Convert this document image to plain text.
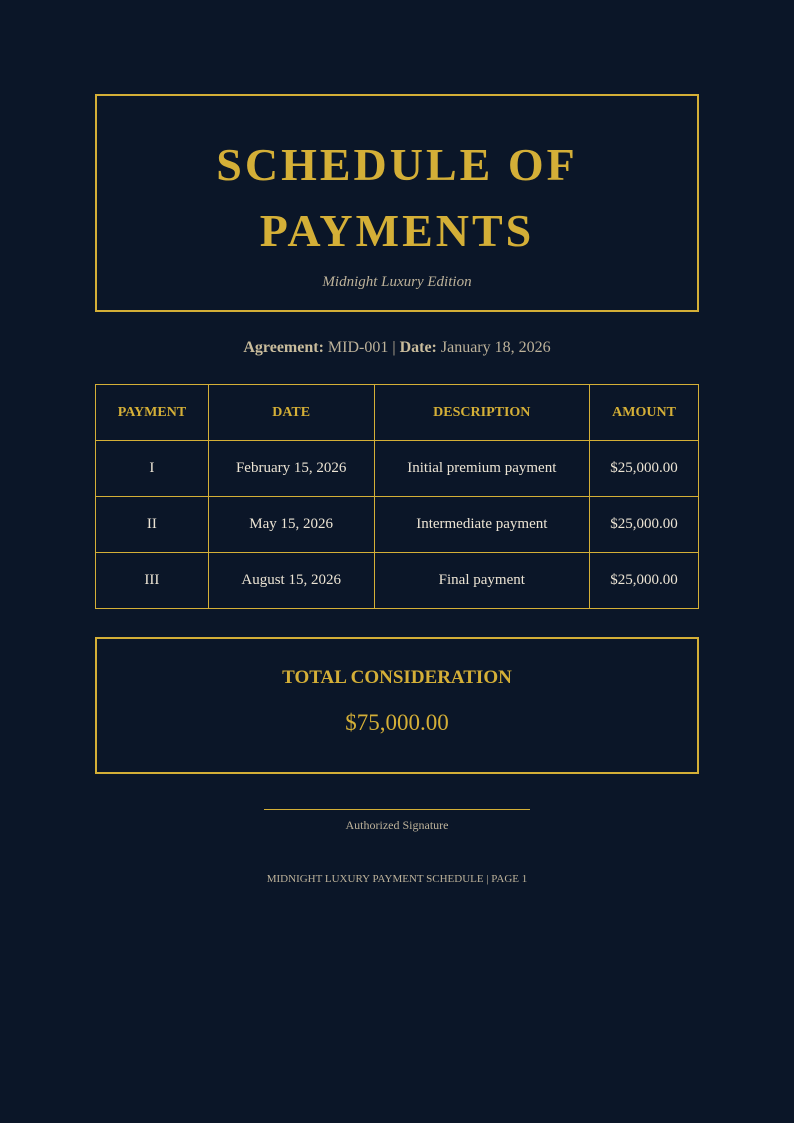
SCHEDULE OF PAYMENTS
Midnight Luxury Edition
Agreement: MID-001 | Date: January 18, 2026
PAYMENT	DATE	DESCRIPTION	AMOUNT
I	February 15, 2026	Initial premium payment	$25,000.00
II	May 15, 2026	Intermediate payment	$25,000.00
III	August 15, 2026	Final payment	$25,000.00
TOTAL CONSIDERATION
$75,000.00
Authorized Signature
MIDNIGHT LUXURY PAYMENT SCHEDULE | PAGE 1
